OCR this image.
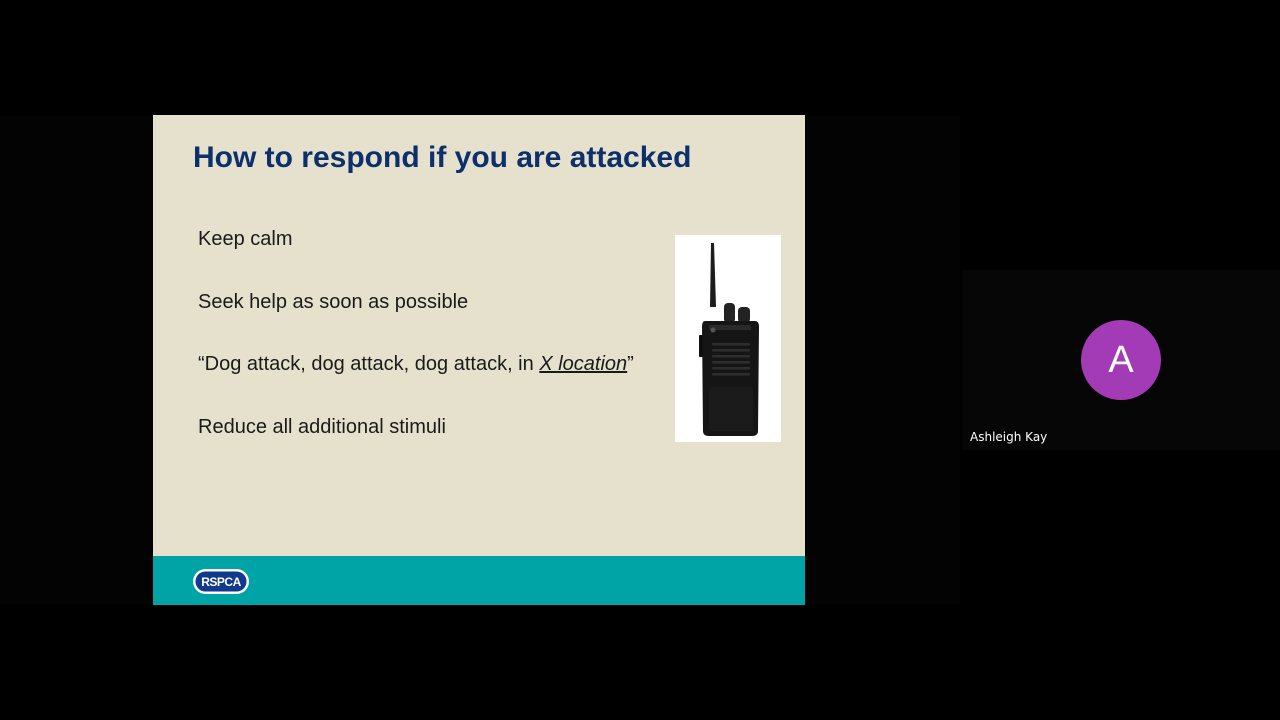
How to respond if you are attacked
Keep calm
Seek help as soon as possible
“Dog attack, dog attack, dog attack, in X location”
Reduce all additional stimuli
RSPCA
A
Ashleigh Kay
